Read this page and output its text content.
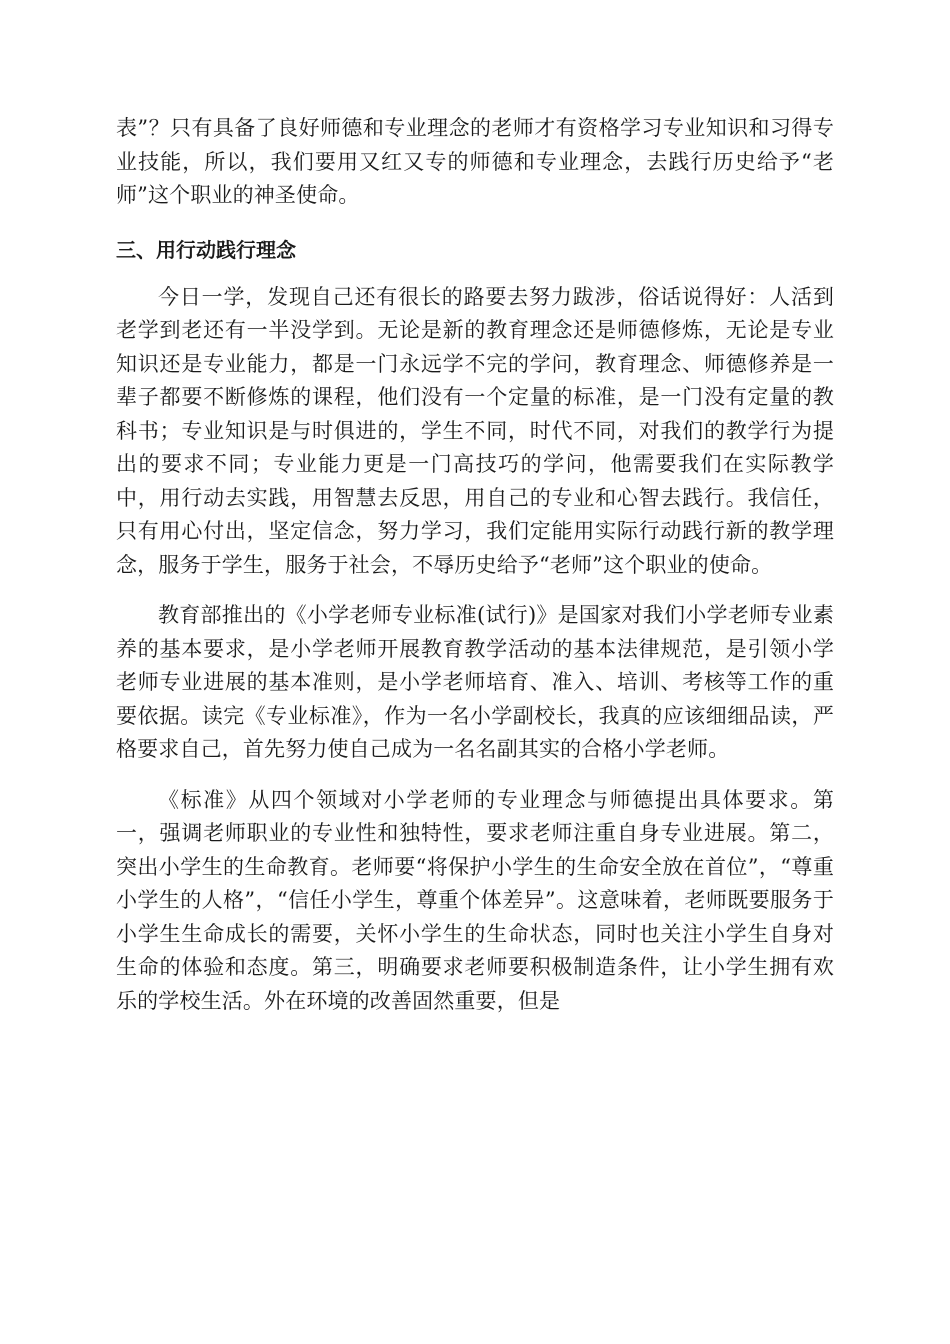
表”？只有具备了良好师德和专业理念的老师才有资格学习专业知识和习得专业技能，所以，我们要用又红又专的师德和专业理念，去践行历史给予“老师”这个职业的神圣使命。

三、用行动践行理念

今日一学，发现自己还有很长的路要去努力跋涉，俗话说得好：人活到老学到老还有一半没学到。无论是新的教育理念还是师德修炼，无论是专业知识还是专业能力，都是一门永远学不完的学问，教育理念、师德修养是一辈子都要不断修炼的课程，他们没有一个定量的标准，是一门没有定量的教科书；专业知识是与时俱进的，学生不同，时代不同，对我们的教学行为提出的要求不同；专业能力更是一门高技巧的学问，他需要我们在实际教学中，用行动去实践，用智慧去反思，用自己的专业和心智去践行。我信任，只有用心付出，坚定信念，努力学习，我们定能用实际行动践行新的教学理念，服务于学生，服务于社会，不辱历史给予“老师”这个职业的使命。

教育部推出的《小学老师专业标准(试行)》是国家对我们小学老师专业素养的基本要求，是小学老师开展教育教学活动的基本法律规范，是引领小学老师专业进展的基本准则，是小学老师培育、准入、培训、考核等工作的重要依据。读完《专业标准》，作为一名小学副校长，我真的应该细细品读，严格要求自己，首先努力使自己成为一名名副其实的合格小学老师。

《标准》从四个领域对小学老师的专业理念与师德提出具体要求。第一，强调老师职业的专业性和独特性，要求老师注重自身专业进展。第二，突出小学生的生命教育。老师要“将保护小学生的生命安全放在首位”，“尊重小学生的人格”，“信任小学生，尊重个体差异”。这意味着，老师既要服务于小学生生命成长的需要，关怀小学生的生命状态，同时也关注小学生自身对生命的体验和态度。第三，明确要求老师要积极制造条件，让小学生拥有欢乐的学校生活。外在环境的改善固然重要，但是
